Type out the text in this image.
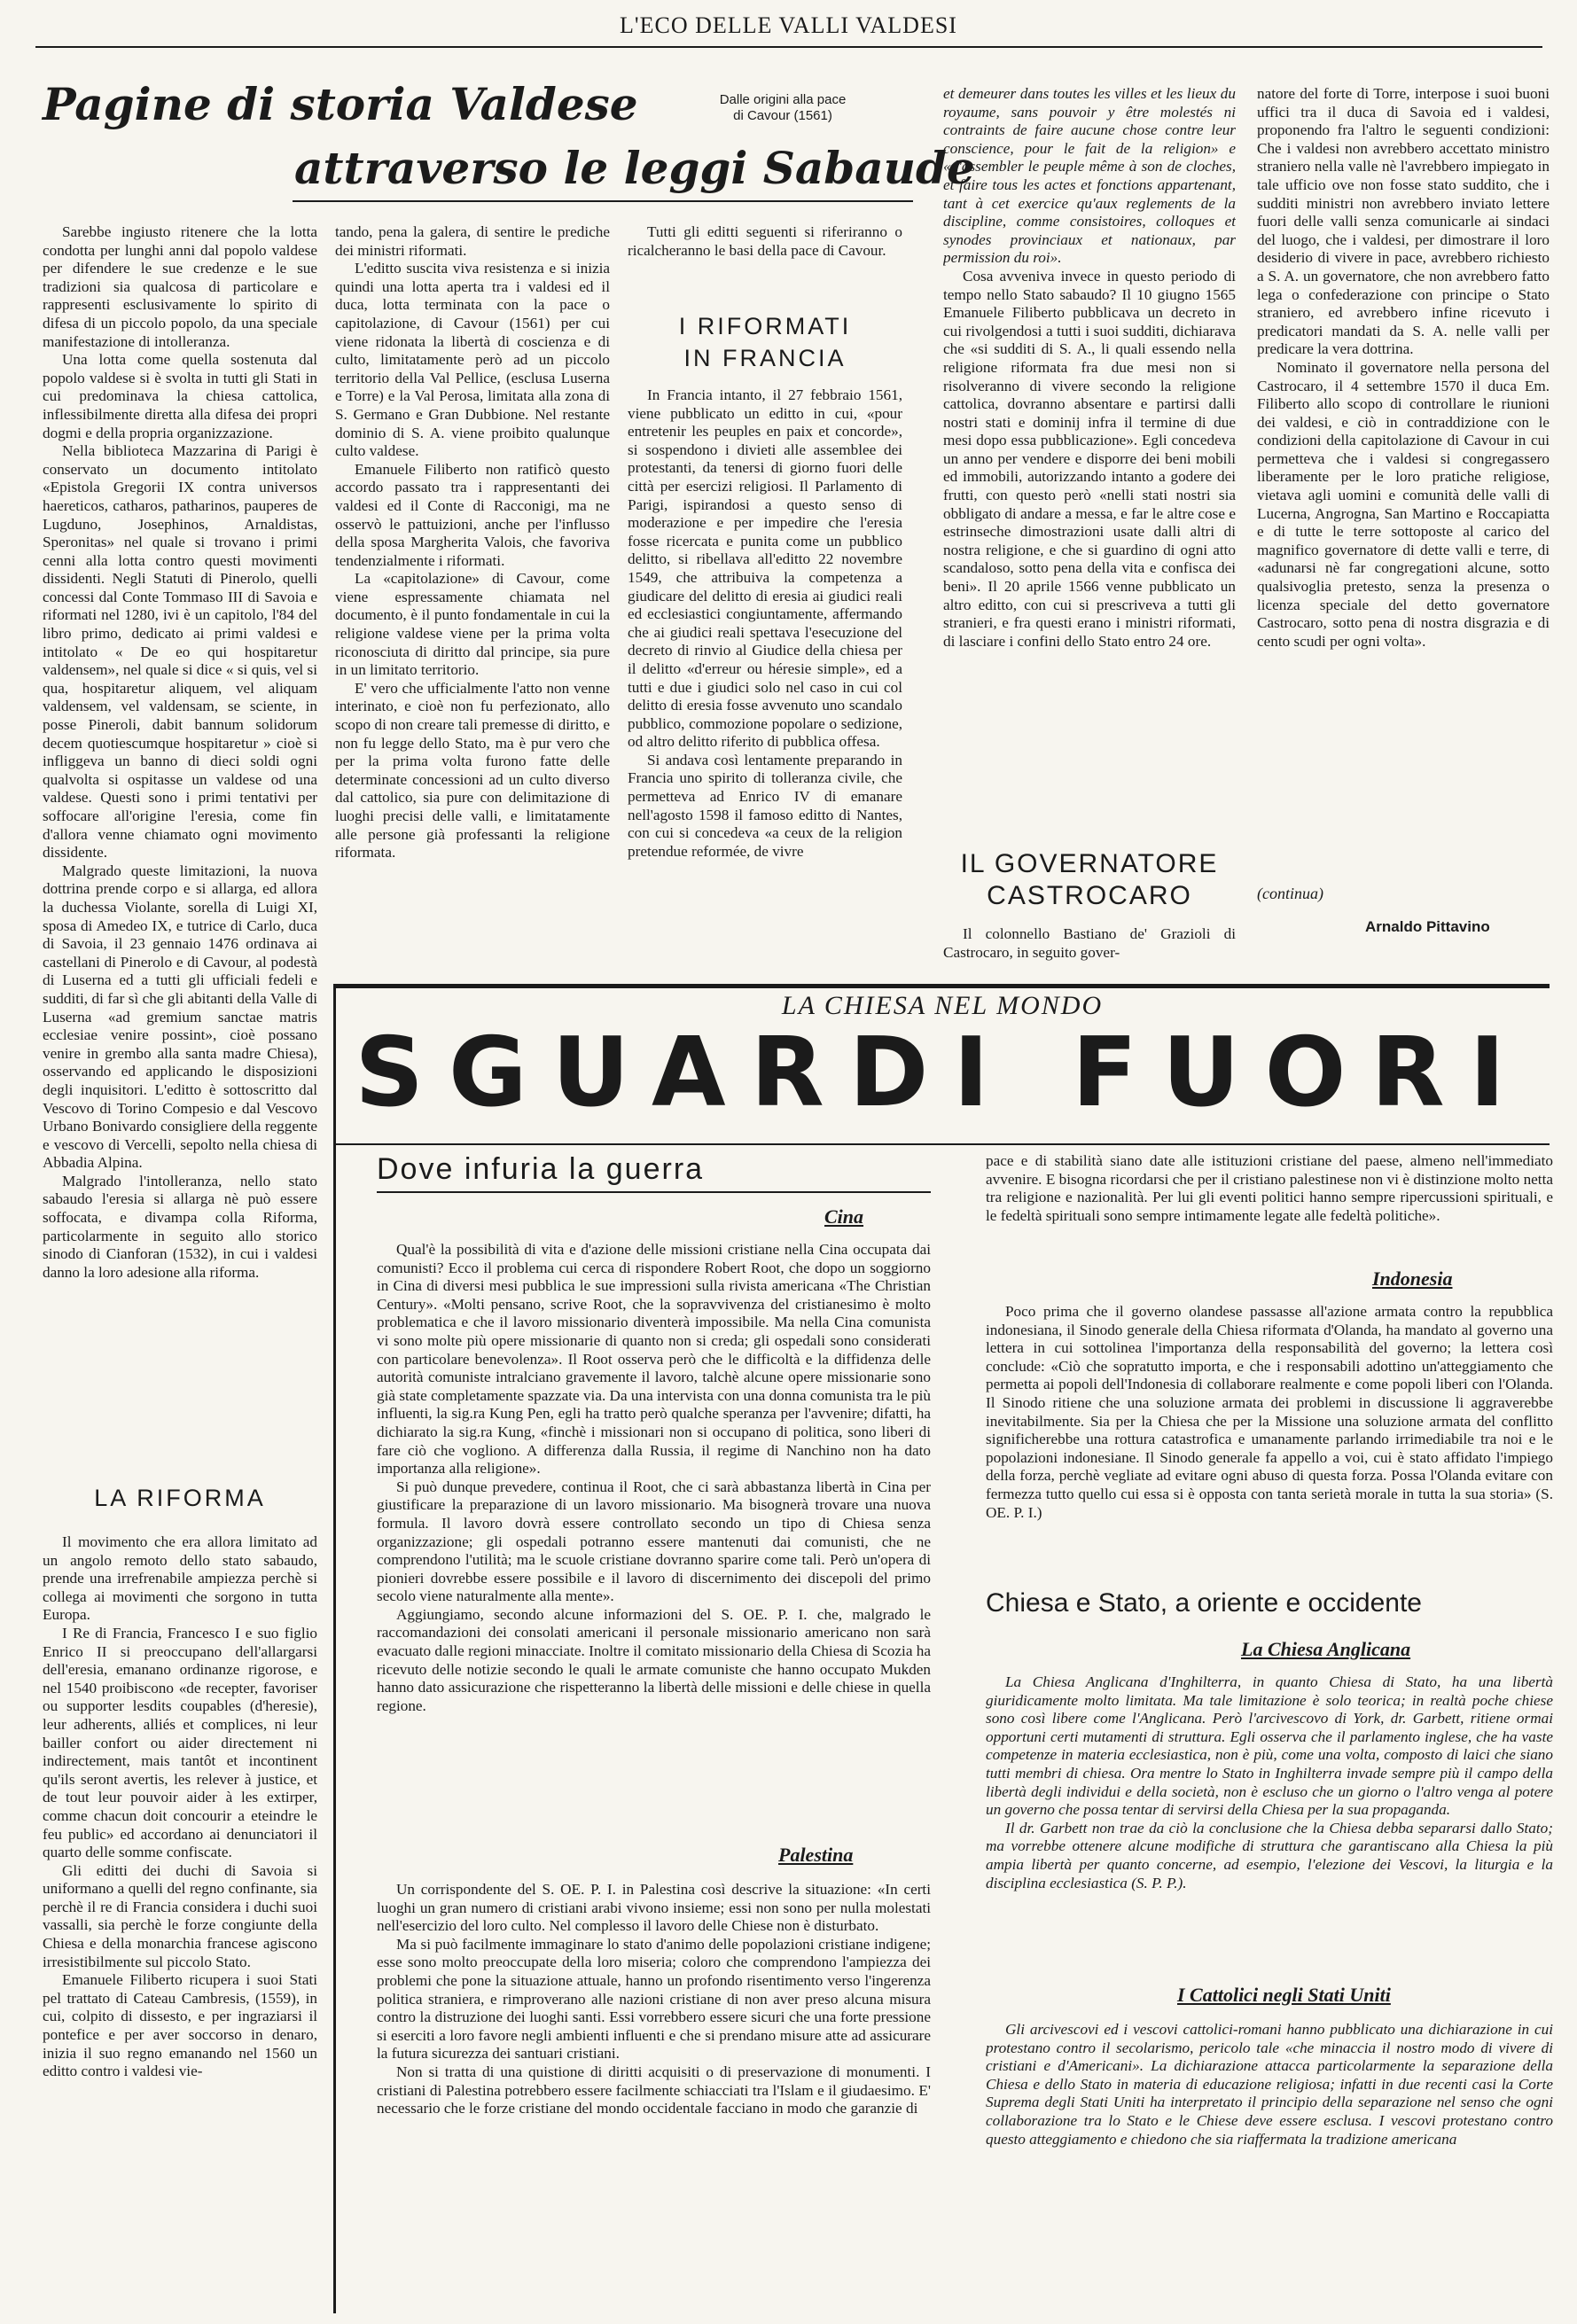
L'ECO DELLE VALLI VALDESI
Pagine di storia Valdese	Dalle origini alla pace di Cavour (1561)
attraverso le leggi Sabaude

Sarebbe ingiusto ritenere che la lotta condotta per lunghi anni dal popolo valdese per difendere le sue credenze e le sue tradizioni sia qualcosa di particolare e rappresenti esclusivamente lo spirito di difesa di un piccolo popolo, da una speciale manifestazione di intolleranza.

Una lotta come quella sostenuta dal popolo valdese si è svolta in tutti gli Stati in cui predominava la chiesa cattolica, inflessibilmente diretta alla difesa dei propri dogmi e della propria organizzazione.

Nella biblioteca Mazzarina di Parigi è conservato un documento intitolato «Epistola Gregorii IX contra universos haereticos, catharos, patharinos, pauperes de Lugduno, Josephinos, Arnaldistas, Speronitas» nel quale si trovano i primi cenni alla lotta contro questi movimenti dissidenti. Negli Statuti di Pinerolo, quelli concessi dal Conte Tommaso III di Savoia e riformati nel 1280, ivi è un capitolo, l'84 del libro primo, dedicato ai primi valdesi e intitolato « De eo qui hospitaretur valdensem», nel quale si dice « si quis, vel si qua, hospitaretur aliquem, vel aliquam valdensem, vel valdensam, se sciente, in posse Pineroli, dabit bannum solidorum decem quotiescumque hospitaretur » cioè si infliggeva un banno di dieci soldi ogni qualvolta si ospitasse un valdese od una valdese. Questi sono i primi tentativi per soffocare all'origine l'eresia, come fin d'allora venne chiamato ogni movimento dissidente.

Malgrado queste limitazioni, la nuova dottrina prende corpo e si allarga, ed allora la duchessa Violante, sorella di Luigi XI, sposa di Amedeo IX, e tutrice di Carlo, duca di Savoia, il 23 gennaio 1476 ordinava ai castellani di Pinerolo e di Cavour, al podestà di Luserna ed a tutti gli ufficiali fedeli e sudditi, di far sì che gli abitanti della Valle di Luserna «ad gremium sanctae matris ecclesiae venire possint», cioè possano venire in grembo alla santa madre Chiesa), osservando ed applicando le disposizioni degli inquisitori. L'editto è sottoscritto dal Vescovo di Torino Compesio e dal Vescovo Urbano Bonivardo consigliere della reggente e vescovo di Vercelli, sepolto nella chiesa di Abbadia Alpina.

Malgrado l'intolleranza, nello stato sabaudo l'eresia si allarga nè può essere soffocata, e divampa colla Riforma, particolarmente in seguito allo storico sinodo di Cianforan (1532), in cui i valdesi danno la loro adesione alla riforma.

LA RIFORMA

Il movimento che era allora limitato ad un angolo remoto dello stato sabaudo, prende una irrefrenabile ampiezza perchè si collega ai movimenti che sorgono in tutta Europa.

I Re di Francia, Francesco I e suo figlio Enrico II si preoccupano dell'allargarsi dell'eresia, emanano ordinanze rigorose, e nel 1540 proibiscono «de recepter, favoriser ou supporter lesdits coupables (d'heresie), leur adherents, alliés et complices, ni leur bailler confort ou aider directement ni indirectement, mais tantôt et incontinent qu'ils seront avertis, les relever à justice, et de tout leur pouvoir aider à les extirper, comme chacun doit concourir a eteindre le feu public» ed accordano ai denunciatori il quarto delle somme confiscate.

Gli editti dei duchi di Savoia si uniformano a quelli del regno confinante, sia perchè il re di Francia considera i duchi suoi vassalli, sia perchè le forze congiunte della Chiesa e della monarchia francese agiscono irresistibilmente sul piccolo Stato.

Emanuele Filiberto ricupera i suoi Stati pel trattato di Cateau Cambresis, (1559), in cui, colpito di dissesto, e per ingraziarsi il pontefice e per aver soccorso in denaro, inizia il suo regno emanando nel 1560 un editto contro i valdesi vie-

tando, pena la galera, di sentire le prediche dei ministri riformati.

L'editto suscita viva resistenza e si inizia quindi una lotta aperta tra i valdesi ed il duca, lotta terminata con la pace o capitolazione, di Cavour (1561) per cui viene ridonata la libertà di coscienza e di culto, limitatamente però ad un piccolo territorio della Val Pellice, (esclusa Luserna e Torre) e la Val Perosa, limitata alla zona di S. Germano e Gran Dubbione. Nel restante dominio di S. A. viene proibito qualunque culto valdese.

Emanuele Filiberto non ratificò questo accordo passato tra i rappresentanti dei valdesi ed il Conte di Racconigi, ma ne osservò le pattuizioni, anche per l'influsso della sposa Margherita Valois, che favoriva tendenzialmente i riformati.

La «capitolazione» di Cavour, come viene espressamente chiamata nel documento, è il punto fondamentale in cui la religione valdese viene per la prima volta riconosciuta di diritto dal principe, sia pure in un limitato territorio.

E' vero che ufficialmente l'atto non venne interinato, e cioè non fu perfezionato, allo scopo di non creare tali premesse di diritto, e non fu legge dello Stato, ma è pur vero che per la prima volta furono fatte delle determinate concessioni ad un culto diverso dal cattolico, sia pure con delimitazione di luoghi precisi delle valli, e limitatamente alle persone già professanti la religione riformata.

Tutti gli editti seguenti si riferiranno o ricalcheranno le basi della pace di Cavour.

I RIFORMATI
IN FRANCIA

In Francia intanto, il 27 febbraio 1561, viene pubblicato un editto in cui, «pour entretenir les peuples en paix et concorde», si sospendono i divieti alle assemblee dei protestanti, da tenersi di giorno fuori delle città per esercizi religiosi. Il Parlamento di Parigi, ispirandosi a questo senso di moderazione e per impedire che l'eresia fosse ricercata e punita come un pubblico delitto, si ribellava all'editto 22 novembre 1549, che attribuiva la competenza a giudicare del delitto di eresia ai giudici reali ed ecclesiastici congiuntamente, affermando che ai giudici reali spettava l'esecuzione del decreto di rinvio al Giudice della chiesa per il delitto «d'erreur ou héresie simple», ed a tutti e due i giudici solo nel caso in cui col delitto di eresia fosse avvenuto uno scandalo pubblico, commozione popolare o sedizione, od altro delitto riferito di pubblica offesa.

Si andava così lentamente preparando in Francia uno spirito di tolleranza civile, che permetteva ad Enrico IV di emanare nell'agosto 1598 il famoso editto di Nantes, con cui si concedeva «a ceux de la religion pretendue reformée, de vivre

et demeurer dans toutes les villes et les lieux du royaume, sans pouvoir y être molestés ni contraints de faire aucune chose contre leur conscience, pour le fait de la religion» e «d'assembler le peuple même à son de cloches, et faire tous les actes et fonctions appartenant, tant à cet exercice qu'aux reglements de la discipline, comme consistoires, colloques et synodes provinciaux et nationaux, par permission du roi».

Cosa avveniva invece in questo periodo di tempo nello Stato sabaudo? Il 10 giugno 1565 Emanuele Filiberto pubblicava un decreto in cui rivolgendosi a tutti i suoi sudditi, dichiarava che «si sudditi di S. A., li quali essendo nella religione riformata fra due mesi non si risolveranno di vivere secondo la religione cattolica, dovranno absentare e partirsi dalli nostri stati e dominij infra il termine di due mesi dopo essa pubblicazione». Egli concedeva un anno per vendere e disporre dei beni mobili ed immobili, autorizzando intanto a godere dei frutti, con questo però «nelli stati nostri sia obbligato di andare a messa, e far le altre cose e estrinseche dimostrazioni usate dalli altri di nostra religione, e che si guardino di ogni atto scandaloso, sotto pena della vita e confisca dei beni». Il 20 aprile 1566 venne pubblicato un altro editto, con cui si prescriveva a tutti gli stranieri, e fra questi erano i ministri riformati, di lasciare i confini dello Stato entro 24 ore.

IL GOVERNATORE
CASTROCARO

Il colonnello Bastiano de' Grazioli di Castrocaro, in seguito gover-

natore del forte di Torre, interpose i suoi buoni uffici tra il duca di Savoia ed i valdesi, proponendo fra l'altro le seguenti condizioni: Che i valdesi non avrebbero accettato ministro straniero nella valle nè l'avrebbero impiegato in tale ufficio ove non fosse stato suddito, che i sudditi ministri non avrebbero inviato lettere fuori delle valli senza comunicarle ai sindaci del luogo, che i valdesi, per dimostrare il loro desiderio di vivere in pace, avrebbero richiesto a S. A. un governatore, che non avrebbero fatto lega o confederazione con principe o Stato straniero, ed avrebbero infine ricevuto i predicatori mandati da S. A. nelle valli per predicare la vera dottrina.

Nominato il governatore nella persona del Castrocaro, il 4 settembre 1570 il duca Em. Filiberto allo scopo di controllare le riunioni dei valdesi, e ciò in contraddizione con le condizioni della capitolazione di Cavour in cui permetteva che i valdesi si congregassero liberamente per le loro pratiche religiose, vietava agli uomini e comunità delle valli di Lucerna, Angrogna, San Martino e Roccapiatta e di tutte le terre sottoposte al carico del magnifico governatore di dette valli e terre, di «adunarsi nè far congregationi alcune, sotto qualsivoglia pretesto, senza la presenza o licenza speciale del detto governatore Castrocaro, sotto pena di nostra disgrazia e di cento scudi per ogni volta».

(continua)
Arnaldo Pittavino
LA CHIESA NEL MONDO
SGUARDI FUORI
Dove infuria la guerra
Cina

Qual'è la possibilità di vita e d'azione delle missioni cristiane nella Cina occupata dai comunisti? Ecco il problema cui cerca di rispondere Robert Root, che dopo un soggiorno in Cina di diversi mesi pubblica le sue impressioni sulla rivista americana «The Christian Century». «Molti pensano, scrive Root, che la sopravvivenza del cristianesimo è molto problematica e che il lavoro missionario diventerà impossibile. Ma nella Cina comunista vi sono molte più opere missionarie di quanto non si creda; gli ospedali sono considerati con particolare benevolenza». Il Root osserva però che le difficoltà e la diffidenza delle autorità comuniste intralciano gravemente il lavoro, talchè alcune opere missionarie sono già state completamente spazzate via. Da una intervista con una donna comunista tra le più influenti, la sig.ra Kung Pen, egli ha tratto però qualche speranza per l'avvenire; difatti, ha dichiarato la sig.ra Kung, «finchè i missionari non si occupano di politica, sono liberi di fare ciò che vogliono. A differenza dalla Russia, il regime di Nanchino non ha dato importanza alla religione».

Si può dunque prevedere, continua il Root, che ci sarà abbastanza libertà in Cina per giustificare la preparazione di un lavoro missionario. Ma bisognerà trovare una nuova formula. Il lavoro dovrà essere controllato secondo un tipo di Chiesa senza organizzazione; gli ospedali potranno essere mantenuti dai comunisti, che ne comprendono l'utilità; ma le scuole cristiane dovranno sparire come tali. Però un'opera di pionieri dovrebbe essere possibile e il lavoro di discernimento dei discepoli del primo secolo viene naturalmente alla mente».

Aggiungiamo, secondo alcune informazioni del S. OE. P. I. che, malgrado le raccomandazioni dei consolati americani il personale missionario americano non sarà evacuato dalle regioni minacciate. Inoltre il comitato missionario della Chiesa di Scozia ha ricevuto delle notizie secondo le quali le armate comuniste che hanno occupato Mukden hanno dato assicurazione che rispetteranno la libertà delle missioni e delle chiese in quella regione.

Palestina

Un corrispondente del S. OE. P. I. in Palestina così descrive la situazione: «In certi luoghi un gran numero di cristiani arabi vivono insieme; essi non sono per nulla molestati nell'esercizio del loro culto. Nel complesso il lavoro delle Chiese non è disturbato.

Ma si può facilmente immaginare lo stato d'animo delle popolazioni cristiane indigene; esse sono molto preoccupate della loro miseria; coloro che comprendono l'ampiezza dei problemi che pone la situazione attuale, hanno un profondo risentimento verso l'ingerenza politica straniera, e rimproverano alle nazioni cristiane di non aver preso alcuna misura contro la distruzione dei luoghi santi. Essi vorrebbero essere sicuri che una forte pressione si eserciti a loro favore negli ambienti influenti e che si prendano misure atte ad assicurare la futura sicurezza dei santuari cristiani.

Non si tratta di una quistione di diritti acquisiti o di preservazione di monumenti. I cristiani di Palestina potrebbero essere facilmente schiacciati tra l'Islam e il giudaesimo. E' necessario che le forze cristiane del mondo occidentale facciano in modo che garanzie di

pace e di stabilità siano date alle istituzioni cristiane del paese, almeno nell'immediato avvenire. E bisogna ricordarsi che per il cristiano palestinese non vi è distinzione molto netta tra religione e nazionalità. Per lui gli eventi politici hanno sempre ripercussioni spirituali, e le fedeltà spirituali sono sempre intimamente legate alle fedeltà politiche».

Indonesia

Poco prima che il governo olandese passasse all'azione armata contro la repubblica indonesiana, il Sinodo generale della Chiesa riformata d'Olanda, ha mandato al governo una lettera in cui sottolinea l'importanza della responsabilità del governo; la lettera così conclude: «Ciò che sopratutto importa, e che i responsabili adottino un'atteggiamento che permetta ai popoli dell'Indonesia di collaborare realmente e come popoli liberi con l'Olanda. Il Sinodo ritiene che una soluzione armata dei problemi in discussione li aggraverebbe inevitabilmente. Sia per la Chiesa che per la Missione una soluzione armata del conflitto significherebbe una rottura catastrofica e umanamente parlando irrimediabile tra noi e le popolazioni indonesiane. Il Sinodo generale fa appello a voi, cui è stato affidato l'impiego della forza, perchè vegliate ad evitare ogni abuso di questa forza. Possa l'Olanda evitare con fermezza tutto quello cui essa si è opposta con tanta serietà morale in tutta la sua storia» (S. OE. P. I.)

Chiesa e Stato, a oriente e occidente
La Chiesa Anglicana

La Chiesa Anglicana d'Inghilterra, in quanto Chiesa di Stato, ha una libertà giuridicamente molto limitata. Ma tale limitazione è solo teorica; in realtà poche chiese sono così libere come l'Anglicana. Però l'arcivescovo di York, dr. Garbett, ritiene ormai opportuni certi mutamenti di struttura. Egli osserva che il parlamento inglese, che ha vaste competenze in materia ecclesiastica, non è più, come una volta, composto di laici che siano tutti membri di chiesa. Ora mentre lo Stato in Inghilterra invade sempre più il campo della libertà degli individui e della società, non è escluso che un giorno o l'altro venga al potere un governo che possa tentar di servirsi della Chiesa per la sua propaganda.

Il dr. Garbett non trae da ciò la conclusione che la Chiesa debba separarsi dallo Stato; ma vorrebbe ottenere alcune modifiche di struttura che garantiscano alla Chiesa la più ampia libertà per quanto concerne, ad esempio, l'elezione dei Vescovi, la liturgia e la disciplina ecclesiastica (S. P. P.).

I Cattolici negli Stati Uniti

Gli arcivescovi ed i vescovi cattolici-romani hanno pubblicato una dichiarazione in cui protestano contro il secolarismo, pericolo tale «che minaccia il nostro modo di vivere di cristiani e d'Americani». La dichiarazione attacca particolarmente la separazione della Chiesa e dello Stato in materia di educazione religiosa; infatti in due recenti casi la Corte Suprema degli Stati Uniti ha interpretato il principio della separazione nel senso che ogni collaborazione tra lo Stato e le Chiese deve essere esclusa. I vescovi protestano contro questo atteggiamento e chiedono che sia riaffermata la tradizione americana
